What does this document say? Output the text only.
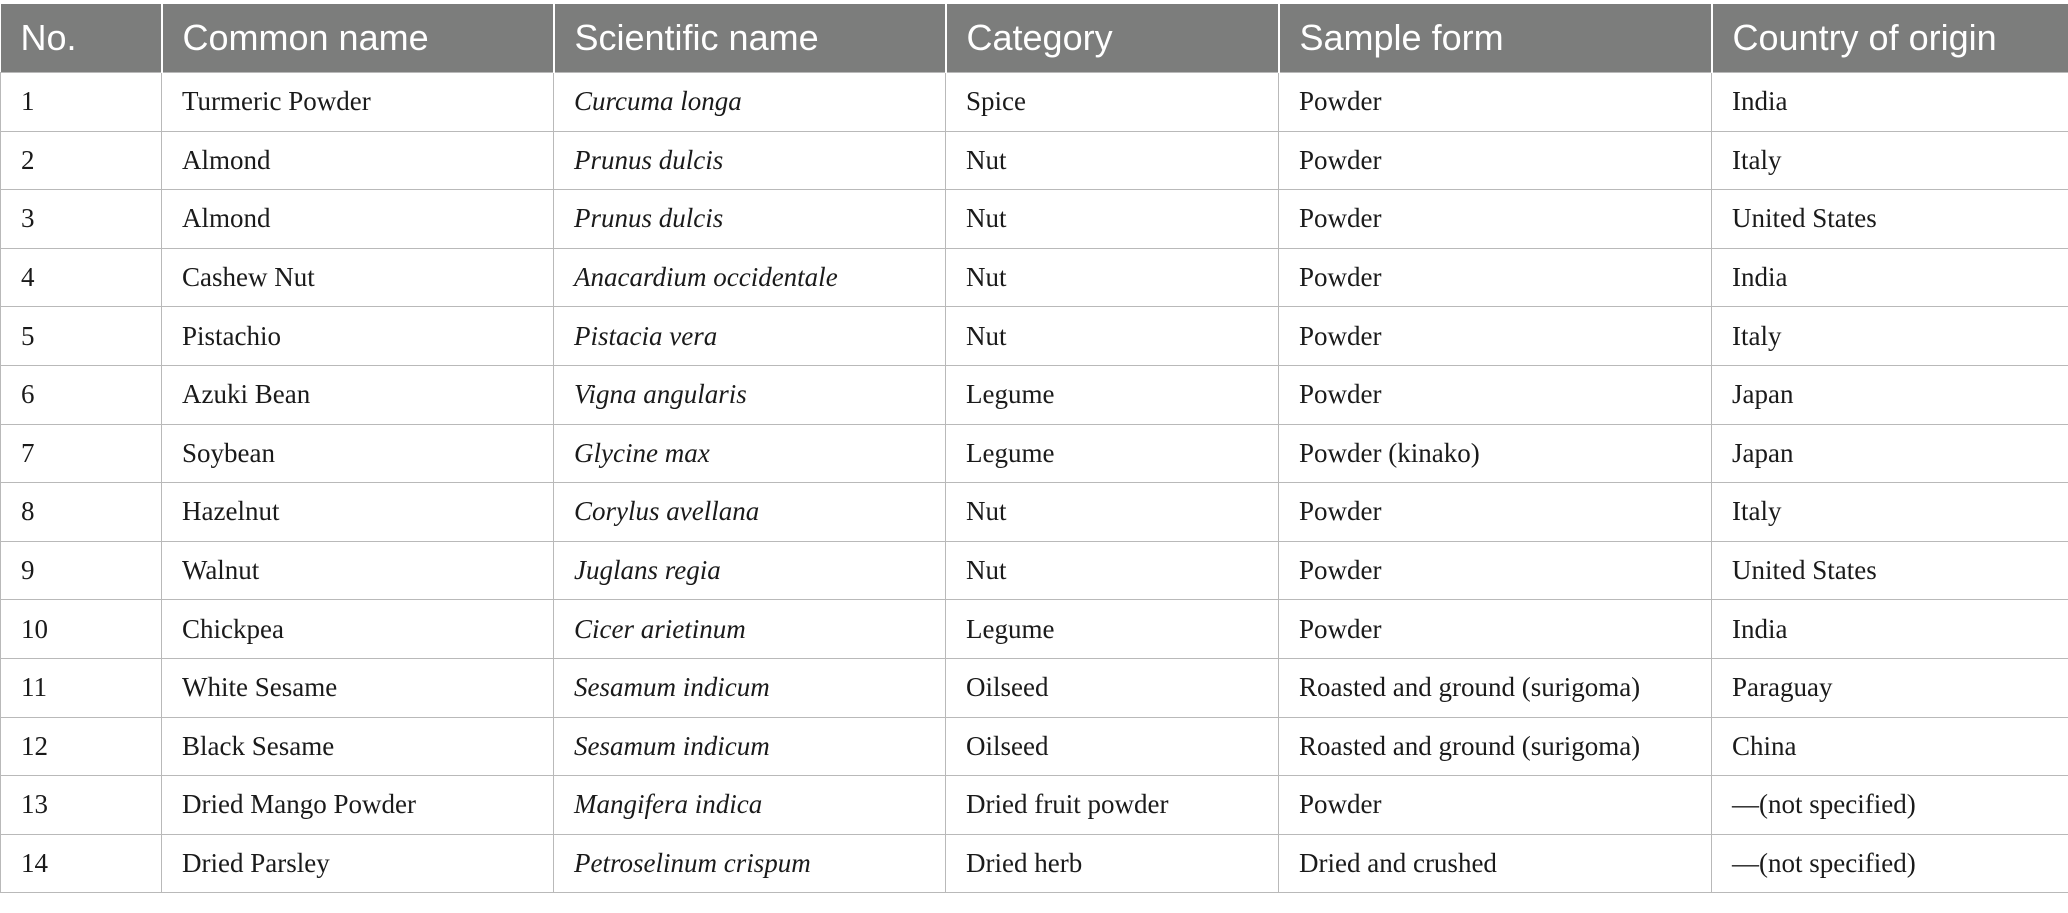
No.	Common name	Scientific name	Category	Sample form	Country of origin
1	Turmeric Powder	Curcuma longa	Spice	Powder	India
2	Almond	Prunus dulcis	Nut	Powder	Italy
3	Almond	Prunus dulcis	Nut	Powder	United States
4	Cashew Nut	Anacardium occidentale	Nut	Powder	India
5	Pistachio	Pistacia vera	Nut	Powder	Italy
6	Azuki Bean	Vigna angularis	Legume	Powder	Japan
7	Soybean	Glycine max	Legume	Powder (kinako)	Japan
8	Hazelnut	Corylus avellana	Nut	Powder	Italy
9	Walnut	Juglans regia	Nut	Powder	United States
10	Chickpea	Cicer arietinum	Legume	Powder	India
11	White Sesame	Sesamum indicum	Oilseed	Roasted and ground (surigoma)	Paraguay
12	Black Sesame	Sesamum indicum	Oilseed	Roasted and ground (surigoma)	China
13	Dried Mango Powder	Mangifera indica	Dried fruit powder	Powder	—(not specified)
14	Dried Parsley	Petroselinum crispum	Dried herb	Dried and crushed	—(not specified)
